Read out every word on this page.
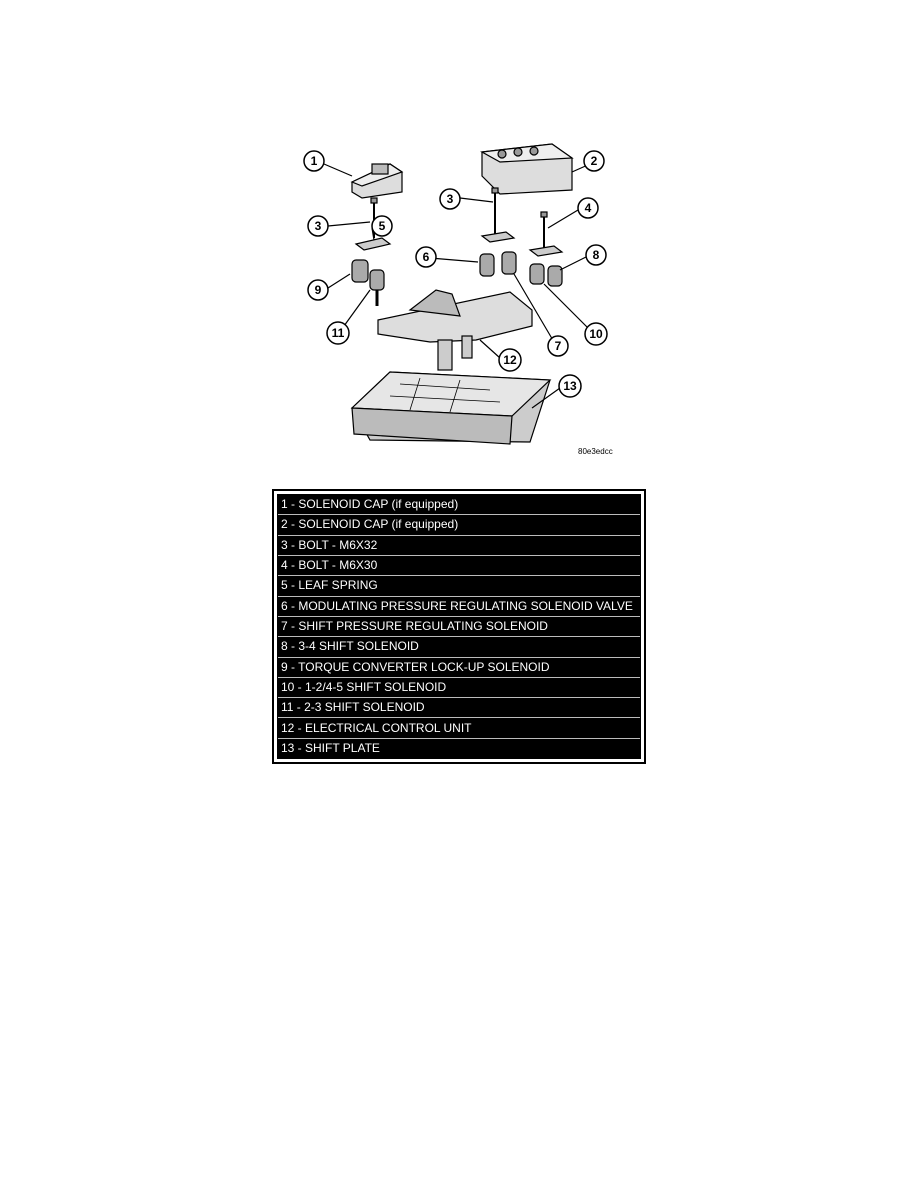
1	2
3
3
4
5
6
7
8
9
10
11
12
13
80e3edcc
1 - SOLENOID CAP (if equipped)
2 - SOLENOID CAP (if equipped)
3 - BOLT - M6X32
4 - BOLT - M6X30
5 - LEAF SPRING
6 - MODULATING PRESSURE REGULATING SOLENOID VALVE
7 - SHIFT PRESSURE REGULATING SOLENOID
8 - 3-4 SHIFT SOLENOID
9 - TORQUE CONVERTER LOCK-UP SOLENOID
10 - 1-2/4-5 SHIFT SOLENOID
11 - 2-3 SHIFT SOLENOID
12 - ELECTRICAL CONTROL UNIT
13 - SHIFT PLATE
